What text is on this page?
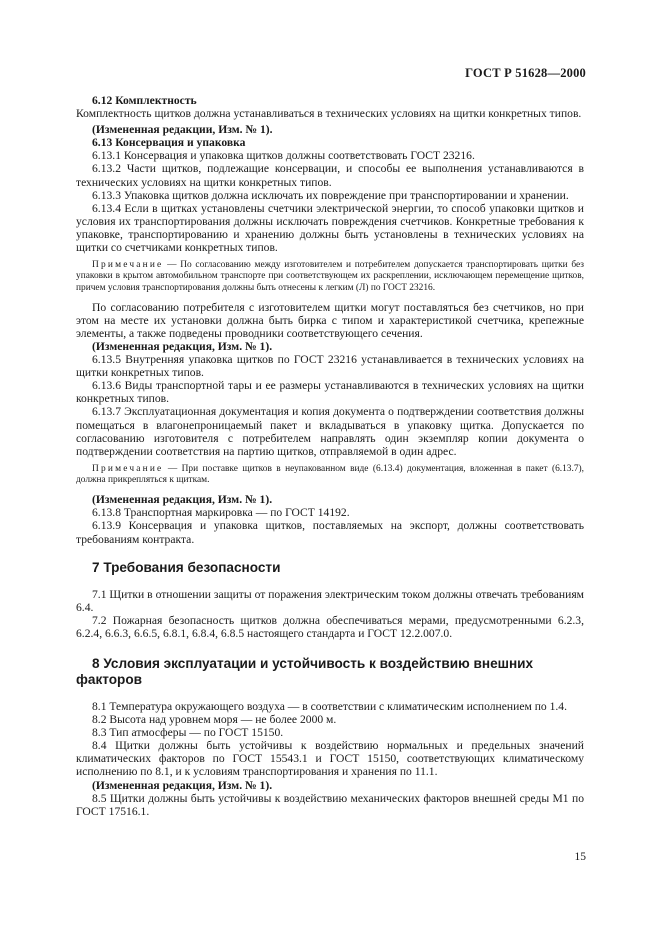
ГОСТ Р 51628—2000

6.12 Комплектность

Комплектность щитков должна устанавливаться в технических условиях на щитки конкретных типов.

(Измененная редакции, Изм. № 1).

6.13 Консервация и упаковка

6.13.1 Консервация и упаковка щитков должны соответствовать ГОСТ 23216.

6.13.2 Части щитков, подлежащие консервации, и способы ее выполнения устанавливаются в технических условиях на щитки конкретных типов.

6.13.3 Упаковка щитков должна исключать их повреждение при транспортировании и хранении.

6.13.4 Если в щитках установлены счетчики электрической энергии, то способ упаковки щитков и условия их транспортирования должны исключать повреждения счетчиков. Конкретные требования к упаковке, транспортированию и хранению должны быть установлены в технических условиях на щитки со счетчиками конкретных типов.

Примечание — По согласованию между изготовителем и потребителем допускается транспортировать щитки без упаковки в крытом автомобильном транспорте при соответствующем их раскреплении, исключающем перемещение щитков, причем условия транспортирования должны быть отнесены к легким (Л) по ГОСТ 23216.

По согласованию потребителя с изготовителем щитки могут поставляться без счетчиков, но при этом на месте их установки должна быть бирка с типом и характеристикой счетчика, крепежные элементы, а также подведены проводники соответствующего сечения.

(Измененная редакция, Изм. № 1).

6.13.5 Внутренняя упаковка щитков по ГОСТ 23216 устанавливается в технических условиях на щитки конкретных типов.

6.13.6 Виды транспортной тары и ее размеры устанавливаются в технических условиях на щитки конкретных типов.

6.13.7 Эксплуатационная документация и копия документа о подтверждении соответствия должны помещаться в влагонепроницаемый пакет и вкладываться в упаковку щитка. Допускается по согласованию изготовителя с потребителем направлять один экземпляр копии документа о подтверждении соответствия на партию щитков, отправляемой в один адрес.

Примечание — При поставке щитков в неупакованном виде (6.13.4) документация, вложенная в пакет (6.13.7), должна прикрепляться к щиткам.

(Измененная редакция, Изм. № 1).

6.13.8 Транспортная маркировка — по ГОСТ 14192.

6.13.9 Консервация и упаковка щитков, поставляемых на экспорт, должны соответствовать требованиям контракта.

7 Требования безопасности

7.1 Щитки в отношении защиты от поражения электрическим током должны отвечать требованиям 6.4.

7.2 Пожарная безопасность щитков должна обеспечиваться мерами, предусмотренными 6.2.3, 6.2.4, 6.6.3, 6.6.5, 6.8.1, 6.8.4, 6.8.5 настоящего стандарта и ГОСТ 12.2.007.0.

8 Условия эксплуатации и устойчивость к воздействию внешних факторов

8.1 Температура окружающего воздуха — в соответствии с климатическим исполнением по 1.4.

8.2 Высота над уровнем моря — не более 2000 м.

8.3 Тип атмосферы — по ГОСТ 15150.

8.4 Щитки должны быть устойчивы к воздействию нормальных и предельных значений климатических факторов по ГОСТ 15543.1 и ГОСТ 15150, соответствующих климатическому исполнению по 8.1, и к условиям транспортирования и хранения по 11.1.

(Измененная редакция, Изм. № 1).

8.5 Щитки должны быть устойчивы к воздействию механических факторов внешней среды М1 по ГОСТ 17516.1.

15
